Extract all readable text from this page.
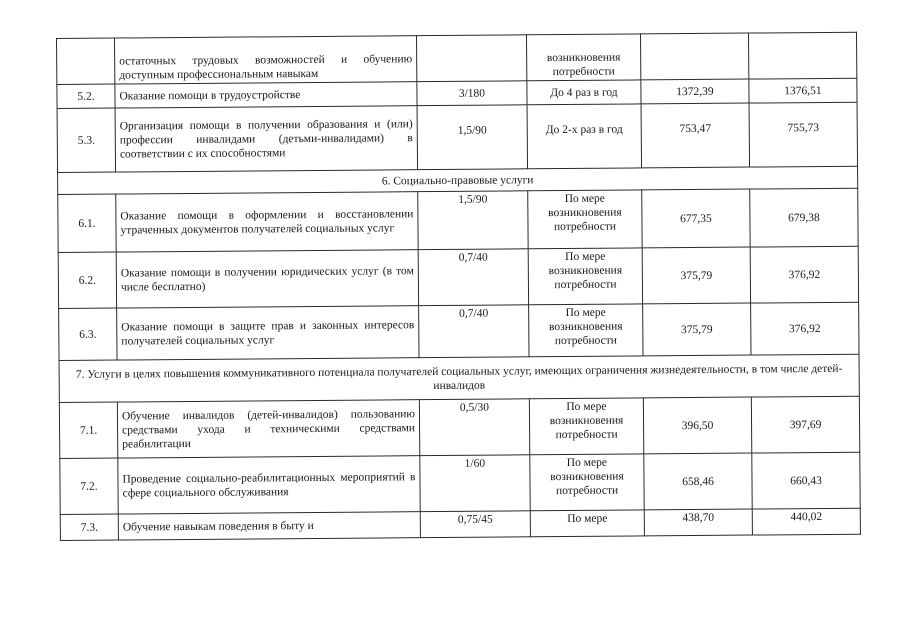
	остаточных трудовых возможностей и обучению доступным профессиональным навыкам		возникновения потребности		
5.2.	Оказание помощи в трудоустройстве	3/180	До 4 раз в год	1372,39	1376,51
5.3.	Организация помощи в получении образования и (или) профессии инвалидами (детьми-инвалидами) в соответствии с их способностями	1,5/90	До 2-х раз в год	753,47	755,73
6. Социально-правовые услуги					
6.1.	Оказание помощи в оформлении и восстановлении утраченных документов получателей социальных услуг	1,5/90	По мере возникновения потребности	677,35	679,38
6.2.	Оказание помощи в получении юридических услуг (в том числе бесплатно)	0,7/40	По мере возникновения потребности	375,79	376,92
6.3.	Оказание помощи в защите прав и законных интересов получателей социальных услуг	0,7/40	По мере возникновения потребности	375,79	376,92
7. Услуги в целях повышения коммуникативного потенциала получателей социальных услуг, имеющих ограничения жизнедеятельности, в том числе детей-инвалидов					
7.1.	Обучение инвалидов (детей-инвалидов) пользованию средствами ухода и техническими средствами реабилитации	0,5/30	По мере возникновения потребности	396,50	397,69
7.2.	Проведение социально-реабилитационных мероприятий в сфере социального обслуживания	1/60	По мере возникновения потребности	658,46	660,43
7.3.	Обучение навыкам поведения в быту и	0,75/45	По мере	438,70	440,02
